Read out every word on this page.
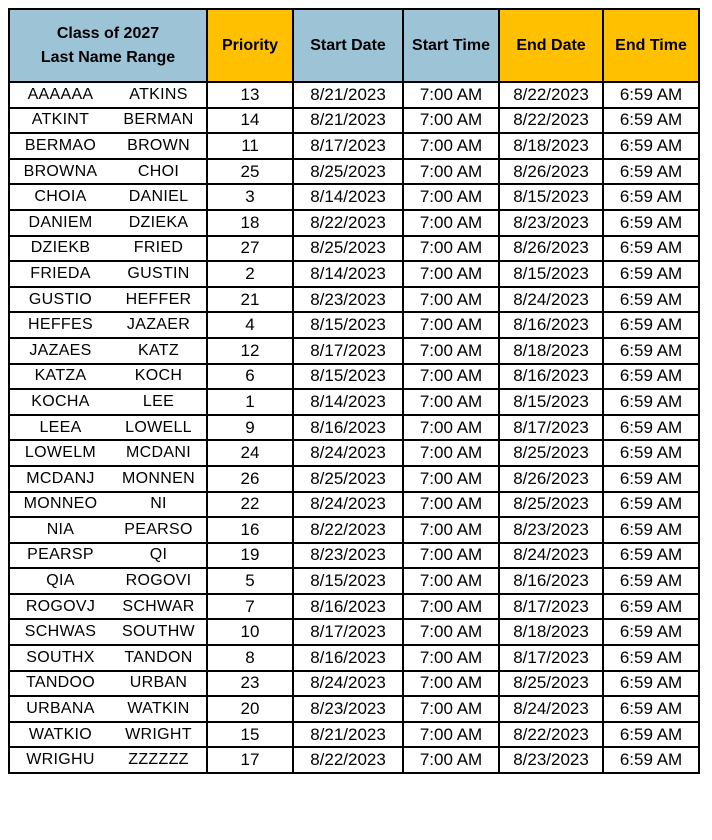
Class of 2027
Last Name Range		Priority	Start Date	Start Time	End Date	End Time
AAAAAA	ATKINS	13	8/21/2023	7:00 AM	8/22/2023	6:59 AM
ATKINT	BERMAN	14	8/21/2023	7:00 AM	8/22/2023	6:59 AM
BERMAO	BROWN	11	8/17/2023	7:00 AM	8/18/2023	6:59 AM
BROWNA	CHOI	25	8/25/2023	7:00 AM	8/26/2023	6:59 AM
CHOIA	DANIEL	3	8/14/2023	7:00 AM	8/15/2023	6:59 AM
DANIEM	DZIEKA	18	8/22/2023	7:00 AM	8/23/2023	6:59 AM
DZIEKB	FRIED	27	8/25/2023	7:00 AM	8/26/2023	6:59 AM
FRIEDA	GUSTIN	2	8/14/2023	7:00 AM	8/15/2023	6:59 AM
GUSTIO	HEFFER	21	8/23/2023	7:00 AM	8/24/2023	6:59 AM
HEFFES	JAZAER	4	8/15/2023	7:00 AM	8/16/2023	6:59 AM
JAZAES	KATZ	12	8/17/2023	7:00 AM	8/18/2023	6:59 AM
KATZA	KOCH	6	8/15/2023	7:00 AM	8/16/2023	6:59 AM
KOCHA	LEE	1	8/14/2023	7:00 AM	8/15/2023	6:59 AM
LEEA	LOWELL	9	8/16/2023	7:00 AM	8/17/2023	6:59 AM
LOWELM	MCDANI	24	8/24/2023	7:00 AM	8/25/2023	6:59 AM
MCDANJ	MONNEN	26	8/25/2023	7:00 AM	8/26/2023	6:59 AM
MONNEO	NI	22	8/24/2023	7:00 AM	8/25/2023	6:59 AM
NIA	PEARSO	16	8/22/2023	7:00 AM	8/23/2023	6:59 AM
PEARSP	QI	19	8/23/2023	7:00 AM	8/24/2023	6:59 AM
QIA	ROGOVI	5	8/15/2023	7:00 AM	8/16/2023	6:59 AM
ROGOVJ	SCHWAR	7	8/16/2023	7:00 AM	8/17/2023	6:59 AM
SCHWAS	SOUTHW	10	8/17/2023	7:00 AM	8/18/2023	6:59 AM
SOUTHX	TANDON	8	8/16/2023	7:00 AM	8/17/2023	6:59 AM
TANDOO	URBAN	23	8/24/2023	7:00 AM	8/25/2023	6:59 AM
URBANA	WATKIN	20	8/23/2023	7:00 AM	8/24/2023	6:59 AM
WATKIO	WRIGHT	15	8/21/2023	7:00 AM	8/22/2023	6:59 AM
WRIGHU	ZZZZZZ	17	8/22/2023	7:00 AM	8/23/2023	6:59 AM
